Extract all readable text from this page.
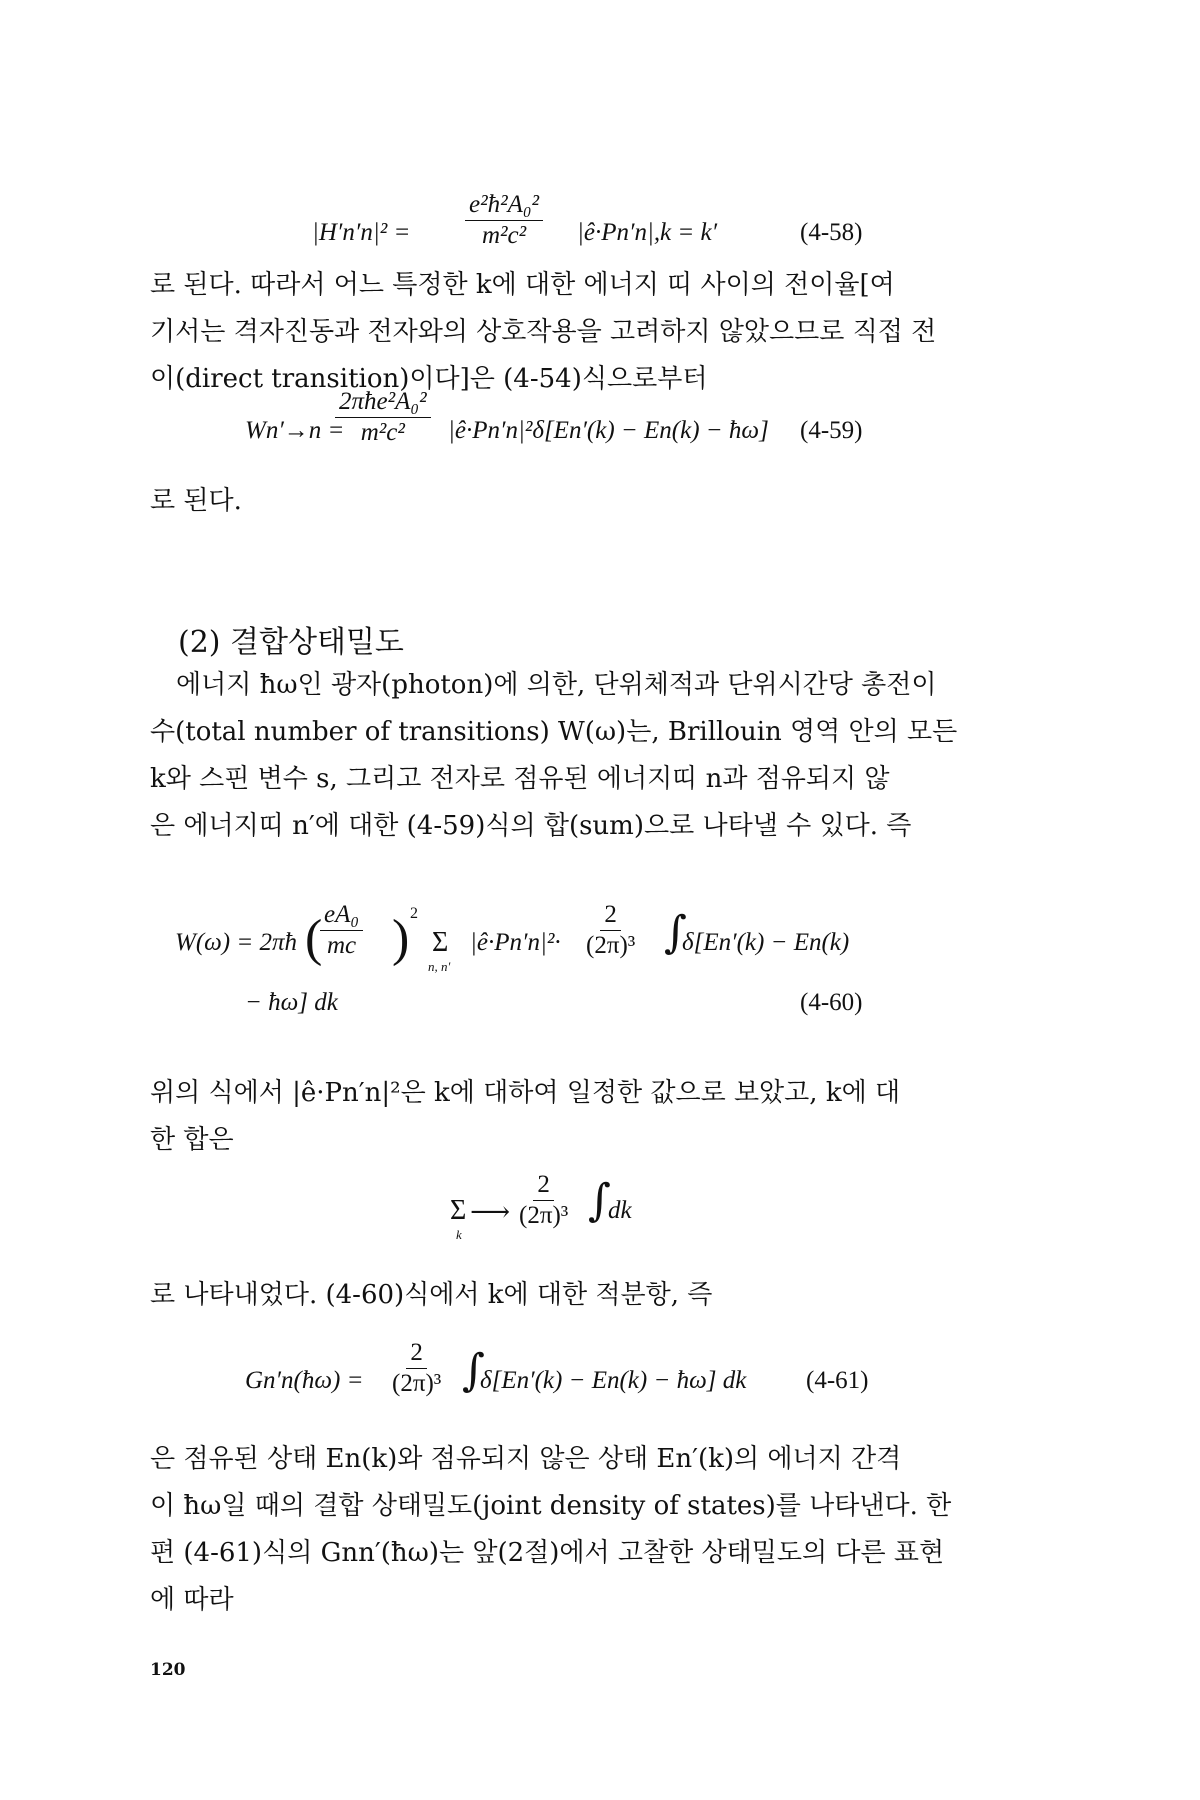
$|H'n'n|^2 = \frac{\text{e²ħ²A₀²}}{\text{m²c²}}$ |ê·Pn′n|, k = k′	(4-58)
로 된다. 따라서 어느 특정한 k에 대한 에너지 띠 사이의 전이율[여
기서는 격자진동과 전자와의 상호작용을 고려하지 않았으므로 직접 전
이(direct transition)이다]은 (4-54)식으로부터
Wn′→n =
2πħe²A₀²
m²c² |ê·Pn′n|²δ[En′(k) − En(k) − ħω] (4-59)
로 된다.
(2) 결합상태밀도
에너지 ħω인 광자(photon)에 의한, 단위체적과 단위시간당 총전이
수(total number of transitions) W(ω)는, Brillouin 영역 안의 모든
k와 스핀 변수 s, 그리고 전자로 점유된 에너지띠 n과 점유되지 않
은 에너지띠 n′에 대한 (4-59)식의 합(sum)으로 나타낼 수 있다. 즉
W(ω) = 2πħ (
$\frac{\text{eA₀}}{mc}$ ) 2
Σ
n, n′
|ê·Pn′n|²· $\frac{2}{\text{(2π)³}}$ ∫
δ[En′(k) − En(k)
− ħω] dk	(4-60)
위의 식에서 |ê·Pn′n|²은 k에 대하여 일정한 값으로 보았고, k에 대
한 합은
Σ
k
⟶ $\frac{2}{\text{(2π)³}}$ ∫
dk
로 나타내었다. (4-60)식에서 k에 대한 적분항, 즉
Gn′n(ħω) = $\frac{2}{\text{(2π)³}}$ ∫
δ[En′(k) − En(k) − ħω] dk (4-61)
은 점유된 상태 En(k)와 점유되지 않은 상태 En′(k)의 에너지 간격
이 ħω일 때의 결합 상태밀도(joint density of states)를 나타낸다. 한
편 (4-61)식의 Gnn′(ħω)는 앞(2절)에서 고찰한 상태밀도의 다른 표현
에 따라
120
